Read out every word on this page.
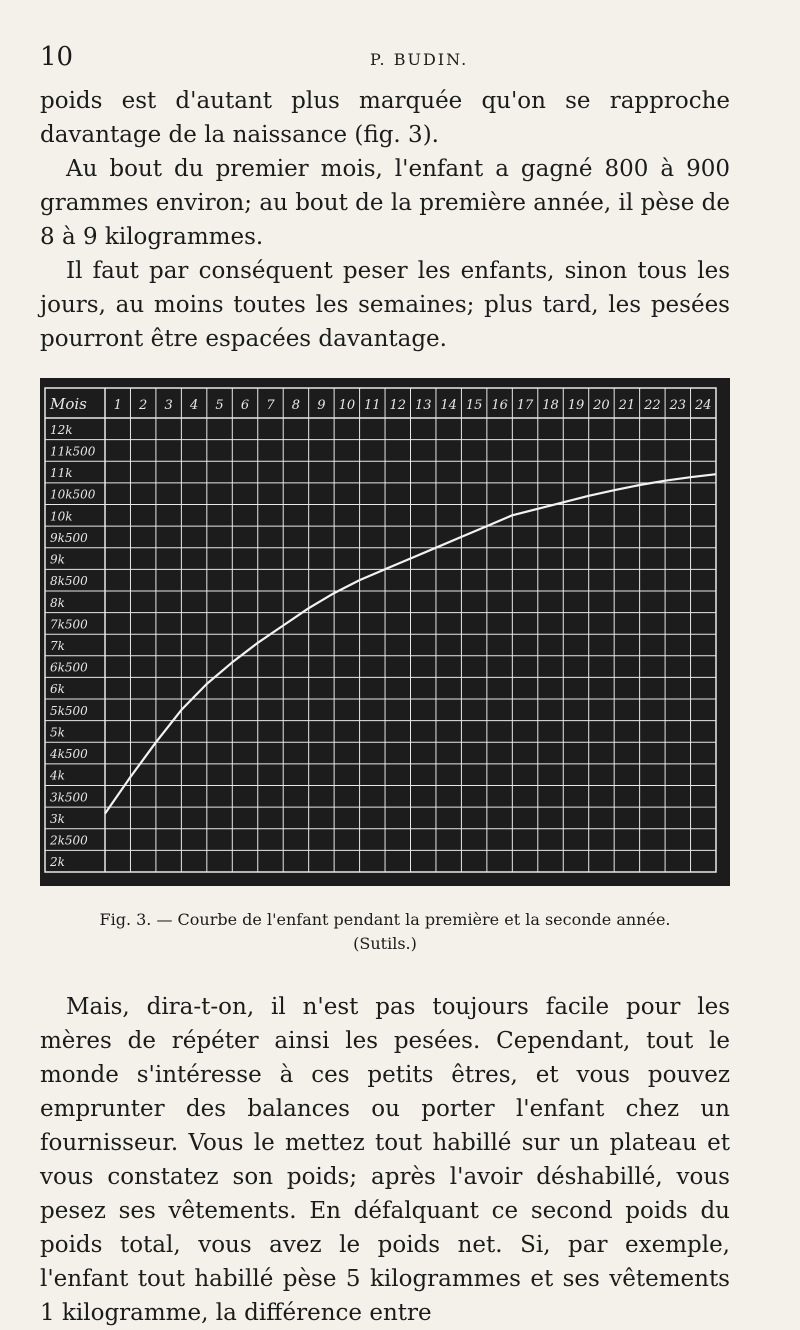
10	P. BUDIN.

poids est d'autant plus marquée qu'on se rapproche davantage de la naissance (fig. 3).

Au bout du premier mois, l'enfant a gagné 800 à 900 grammes environ; au bout de la première année, il pèse de 8 à 9 kilogrammes.

Il faut par conséquent peser les enfants, sinon tous les jours, au moins toutes les semaines; plus tard, les pesées pourront être espacées davantage.

Mois 1 2 3 4 5 6 7 8 9 10 11 12 13 14 15 16 17 18 19 20 21 22 23 24
12k
11k500
11k
10k500
10k
9k500
9k
8k500
8k
7k500
7k
6k500
6k
5k500
5k
4k500
4k
3k500
3k
2k500
2k
Fig. 3. — Courbe de l'enfant pendant la première et la seconde année.
(Sutils.)

Mais, dira-t-on, il n'est pas toujours facile pour les mères de répéter ainsi les pesées. Cependant, tout le monde s'intéresse à ces petits êtres, et vous pouvez emprunter des balances ou porter l'enfant chez un fournisseur. Vous le mettez tout habillé sur un plateau et vous constatez son poids; après l'avoir déshabillé, vous pesez ses vêtements. En défalquant ce second poids du poids total, vous avez le poids net. Si, par exemple, l'enfant tout habillé pèse 5 kilogrammes et ses vêtements 1 kilogramme, la différence entre
